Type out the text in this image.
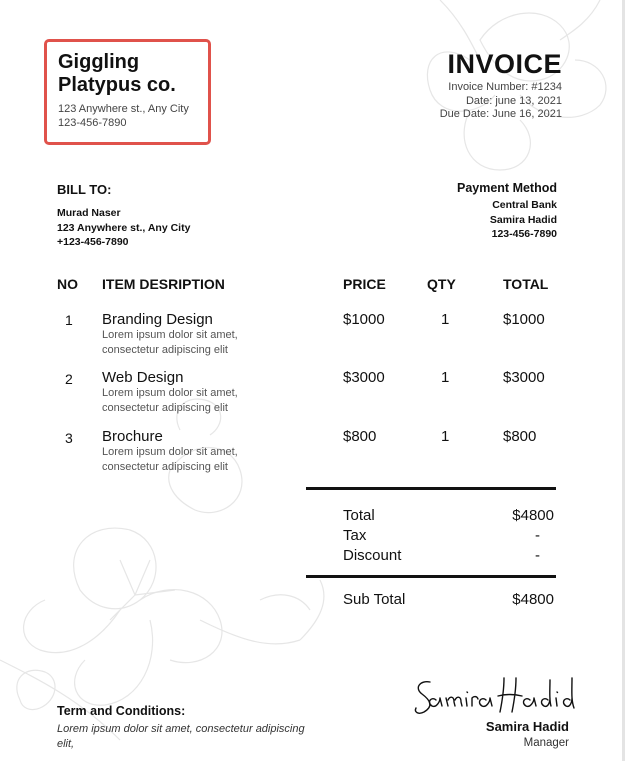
Giggling
Platypus co.
123 Anywhere st., Any City
123-456-7890
INVOICE
Invoice Number: #1234
Date: june 13, 2021
Due Date: June 16, 2021
BILL TO:
Murad Naser
123 Anywhere st., Any City
+123-456-7890
Payment Method
Central Bank
Samira Hadid
123-456-7890
NO ITEM DESRIPTION	PRICE	QTY	TOTAL
1 Branding Design
Lorem ipsum dolor sit amet,
consectetur adipiscing elit
$1000	1	$1000
2 Web Design
Lorem ipsum dolor sit amet,
consectetur adipiscing elit
$3000	1	$3000
3 Brochure
Lorem ipsum dolor sit amet,
consectetur adipiscing elit
$800	1	$800
Total	$4800
Tax	-
Discount	-
Sub Total	$4800
Term and Conditions:
Lorem ipsum dolor sit amet, consectetur adipiscing elit,
Samira Hadid
Manager
